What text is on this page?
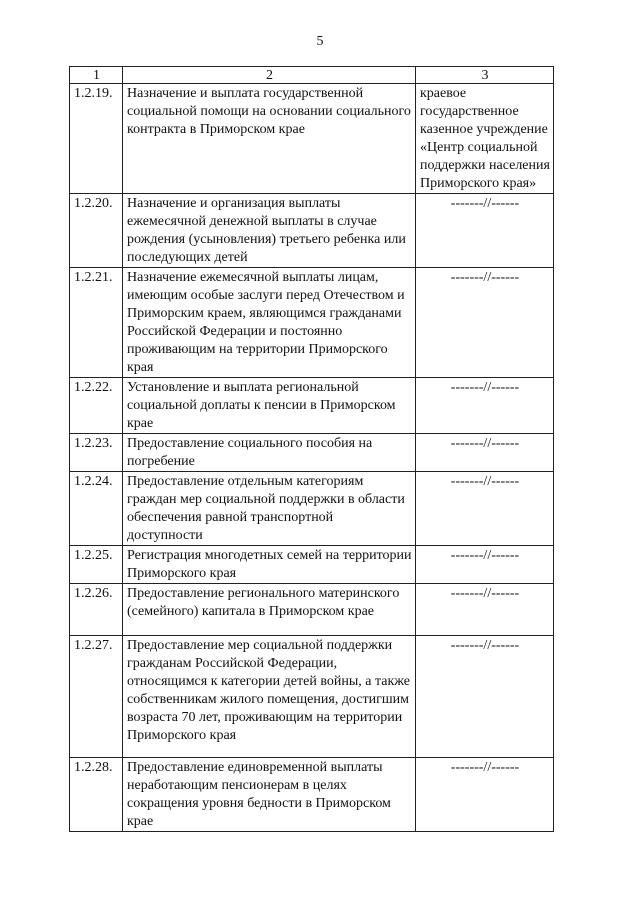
5
1	2	3
1.2.19.	Назначение и выплата государственной социальной помощи на основании социального контракта в Приморском крае	краевое государственное казенное учреждение «Центр социальной поддержки населения Приморского края»
1.2.20.	Назначение и организация выплаты ежемесячной денежной выплаты в случае рождения (усыновления) третьего ребенка или последующих детей	-------//------
1.2.21.	Назначение ежемесячной выплаты лицам, имеющим особые заслуги перед Отечеством и Приморским краем, являющимся гражданами Российской Федерации и постоянно проживающим на территории Приморского края	-------//------
1.2.22.	Установление и выплата региональной социальной доплаты к пенсии в Приморском крае	-------//------
1.2.23.	Предоставление социального пособия на погребение	-------//------
1.2.24.	Предоставление отдельным категориям граждан мер социальной поддержки в области обеспечения равной транспортной доступности	-------//------
1.2.25.	Регистрация многодетных семей на территории Приморского края	-------//------
1.2.26.	Предоставление регионального материнского (семейного) капитала в Приморском крае	-------//------
1.2.27.	Предоставление мер социальной поддержки гражданам Российской Федерации, относящимся к категории детей войны, а также собственникам жилого помещения, достигшим возраста 70 лет, проживающим на территории Приморского края	-------//------
1.2.28.	Предоставление единовременной выплаты неработающим пенсионерам в целях сокращения уровня бедности в Приморском крае	-------//------
